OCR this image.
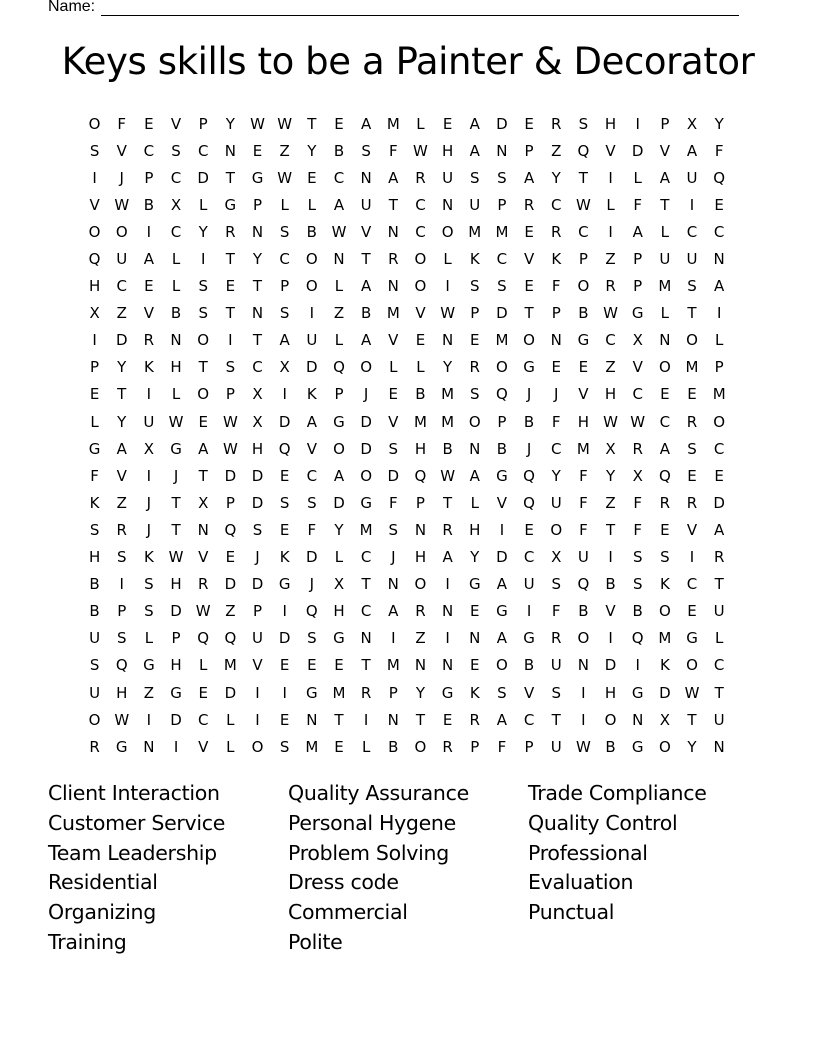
Name:
Keys skills to be a Painter & Decorator
O	F	E	V	P	Y	W W	T	E	A	M	L	E	A	D	E	R	S	H	I	P	X	Y
S	V	C	S	C	N	E	Z	Y	B	S	F	W H	A	N	P	Z	Q	V	D	V	A	F
I	J	P	C	D	T	G W E	C	N	A	R	U	S	S	A	Y	T	I	L	A	U	Q
V W B	X	L	G	P	L	L	A	U	T	C	N	U	P	R	C W	L	F	T	I	E
O	O	I	C	Y	R	N	S	B W V	N	C	O M M	E	R	C	I	A	L	C	C
Q	U	A	L	I	T	Y	C	O	N	T	R	O	L	K	C	V	K	P	Z	P	U	U	N
H	C	E	L	S	E	T	P	O	L	A	N	O	I	S	S	E	F	O	R	P	M	S	A
X	Z	V	B	S	T	N	S	I	Z	B	M	V W	P	D	T	P	B W G	L	T	I
I	D	R	N	O	I	T	A	U	L	A	V	E	N	E	M O	N	G	C	X	N	O	L
P	Y	K	H	T	S	C	X	D	Q	O	L	L	Y	R	O	G	E	E	Z	V	O M	P
E	T	I	L	O	P	X	I	K	P	J	E	B	M	S	Q	J	J	V	H	C	E	E	M
L	Y	U W E	W X	D	A	G	D	V	M M O	P	B	F	H W W C	R	O
G	A	X	G	A W H	Q	V	O	D	S	H	B	N	B	J	C	M	X	R	A	S	C
F	V	I	J	T	D	D	E	C	A	O	D	Q W A	G	Q	Y	F	Y	X	Q	E	E
K	Z	J	T	X	P	D	S	S	D	G	F	P	T	L	V	Q	U	F	Z	F	R	R	D
S	R	J	T	N	Q	S	E	F	Y	M	S	N	R	H	I	E	O	F	T	F	E	V	A
H	S	K W V	E	J	K	D	L	C	J	H	A	Y	D	C	X	U	I	S	S	I	R
B	I	S	H	R	D	D	G	J	X	T	N	O	I	G	A	U	S	Q	B	S	K	C	T
B	P	S	D W Z	P	I	Q	H	C	A	R	N	E	G	I	F	B	V	B	O	E	U
U	S	L	P	Q	Q	U	D	S	G	N	I	Z	I	N	A	G	R	O	I	Q M G	L
S	Q	G	H	L	M	V	E	E	E	T	M	N	N	E	O	B	U	N	D	I	K	O	C
U	H	Z	G	E	D	I	I	G M	R	P	Y	G	K	S	V	S	I	H	G	D W	T
O W	I	D	C	L	I	E	N	T	I	N	T	E	R	A	C	T	I	O	N	X	T	U
R	G	N	I	V	L	O	S	M	E	L	B	O	R	P	F	P	U W B	G	O	Y	N
Client Interaction
Customer Service
Team Leadership
Residential
Organizing
Training
Quality Assurance
Personal Hygene
Problem Solving
Dress code
Commercial
Polite
Trade Compliance
Quality Control
Professional
Evaluation
Punctual
